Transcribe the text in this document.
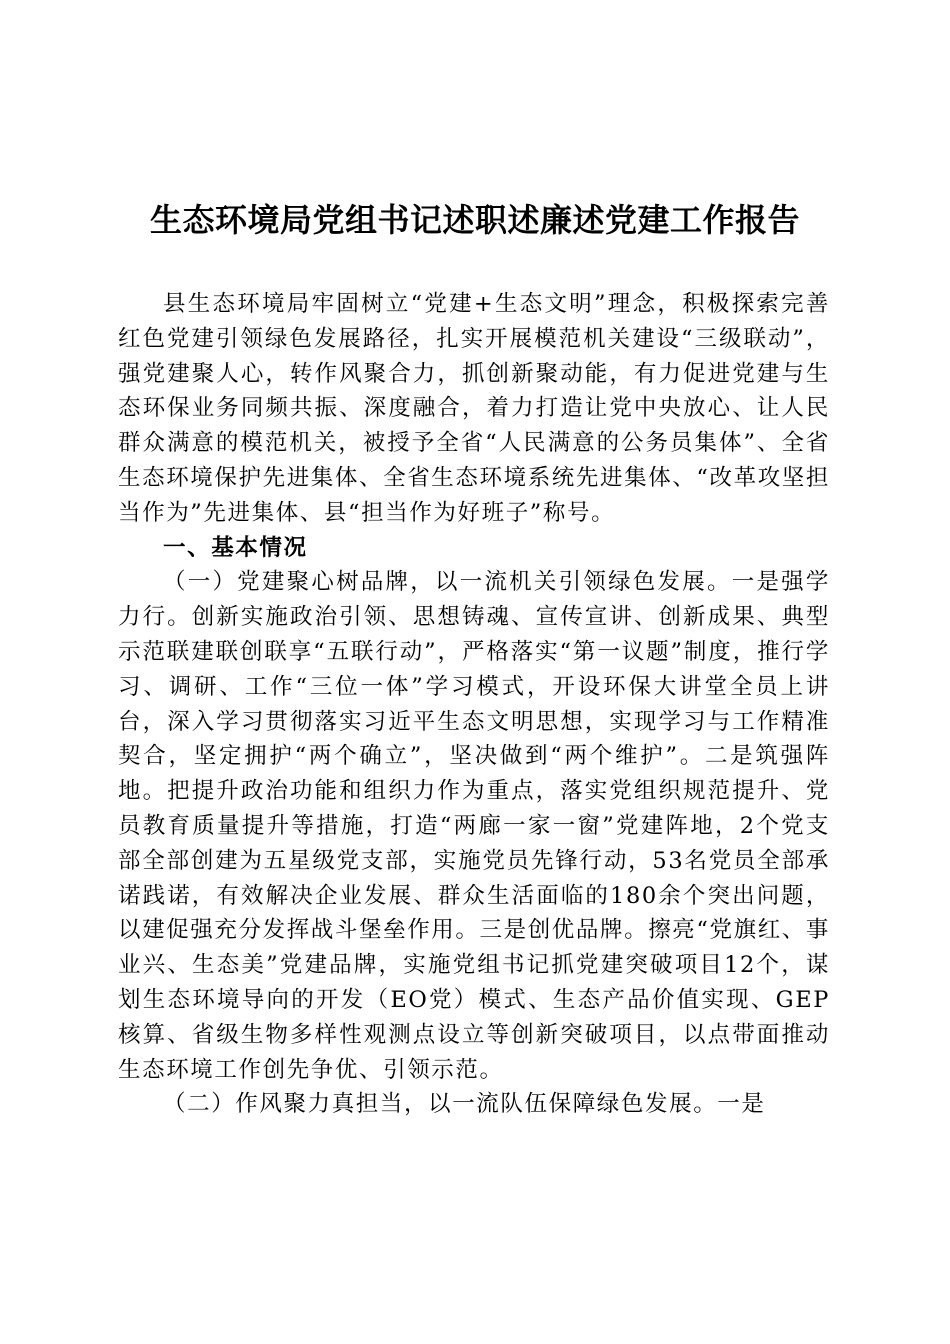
生态环境局党组书记述职述廉述党建工作报告

县生态环境局牢固树立“党建+生态文明”理念，积极探索完善红色党建引领绿色发展路径，扎实开展模范机关建设“三级联动”，强党建聚人心，转作风聚合力，抓创新聚动能，有力促进党建与生态环保业务同频共振、深度融合，着力打造让党中央放心、让人民群众满意的模范机关，被授予全省“人民满意的公务员集体”、全省生态环境保护先进集体、全省生态环境系统先进集体、“改革攻坚担当作为”先进集体、县“担当作为好班子”称号。

一、基本情况

（一）党建聚心树品牌，以一流机关引领绿色发展。一是强学力行。创新实施政治引领、思想铸魂、宣传宣讲、创新成果、典型示范联建联创联享“五联行动”，严格落实“第一议题”制度，推行学习、调研、工作“三位一体”学习模式，开设环保大讲堂全员上讲台，深入学习贯彻落实习近平生态文明思想，实现学习与工作精准契合，坚定拥护“两个确立”，坚决做到“两个维护”。二是筑强阵地。把提升政治功能和组织力作为重点，落实党组织规范提升、党员教育质量提升等措施，打造“两廊一家一窗”党建阵地，2个党支部全部创建为五星级党支部，实施党员先锋行动，53名党员全部承诺践诺，有效解决企业发展、群众生活面临的180余个突出问题，以建促强充分发挥战斗堡垒作用。三是创优品牌。擦亮“党旗红、事业兴、生态美”党建品牌，实施党组书记抓党建突破项目12个，谋划生态环境导向的开发（EO党）模式、生态产品价值实现、GEP核算、省级生物多样性观测点设立等创新突破项目，以点带面推动生态环境工作创先争优、引领示范。

（二）作风聚力真担当，以一流队伍保障绿色发展。一是
